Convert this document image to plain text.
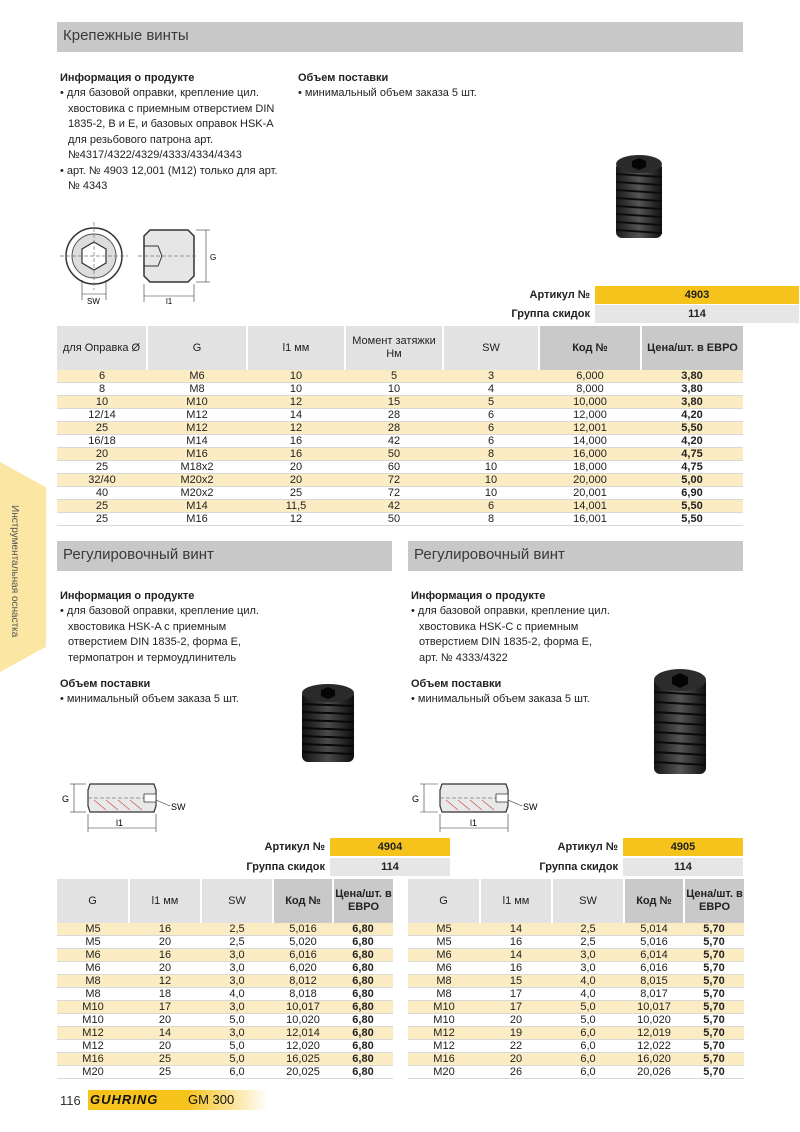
Крепежные винты
Информация о продукте
• для базовой оправки, крепление цил. хвостовика с приемным отверстием DIN 1835-2, B и E, и базовых оправок HSK-A для резьбового патрона арт. №4317/4322/4329/4333/4334/4343
• арт. № 4903 12,001 (M12) только для арт. № 4343
Объем поставки
• минимальный объем заказа 5 шт.
SW	l1
G
Артикул №	4903
Группа скидок	114
для Оправка Ø	G	l1 мм	Момент затяжки Нм	SW	Код №	Цена/шт. в ЕВРО
6	M6	10	5	3	6,000	3,80
8	M8	10	10	4	8,000	3,80
10	M10	12	15	5	10,000	3,80
12/14	M12	14	28	6	12,000	4,20
25	M12	12	28	6	12,001	5,50
16/18	M14	16	42	6	14,000	4,20
20	M16	16	50	8	16,000	4,75
25	M18x2	20	60	10	18,000	4,75
32/40	M20x2	20	72	10	20,000	5,00
40	M20x2	25	72	10	20,001	6,90
25	M14	11,5	42	6	14,001	5,50
25	M16	12	50	8	16,001	5,50
Инструментальная оснастка	Регулировочный винт
Информация о продукте
• для базовой оправки, крепление цил. хвостовика HSK-A с приемным отверстием DIN 1835-2, форма E, термопатрон и термоудлинитель
Объем поставки
• минимальный объем заказа 5 шт.
SW
G
l1
Артикул №	4904
Группа скидок	114
G	l1 мм	SW	Код №	Цена/шт. в ЕВРО
M5	16	2,5	5,016	6,80
M5	20	2,5	5,020	6,80
M6	16	3,0	6,016	6,80
M6	20	3,0	6,020	6,80
M8	12	3,0	8,012	6,80
M8	18	4,0	8,018	6,80
M10	17	3,0	10,017	6,80
M10	20	5,0	10,020	6,80
M12	14	3,0	12,014	6,80
M12	20	5,0	12,020	6,80
M16	25	5,0	16,025	6,80
M20	25	6,0	20,025	6,80
Регулировочный винт
Информация о продукте
• для базовой оправки, крепление цил. хвостовика HSK-C с приемным отверстием DIN 1835-2, форма E, арт. № 4333/4322
Объем поставки
• минимальный объем заказа 5 шт.
SW
G
l1
Артикул №	4905
Группа скидок	114
G	l1 мм	SW	Код №	Цена/шт. в ЕВРО
M5	14	2,5	5,014	5,70
M5	16	2,5	5,016	5,70
M6	14	3,0	6,014	5,70
M6	16	3,0	6,016	5,70
M8	15	4,0	8,015	5,70
M8	17	4,0	8,017	5,70
M10	17	5,0	10,017	5,70
M10	20	5,0	10,020	5,70
M12	19	6,0	12,019	5,70
M12	22	6,0	12,022	5,70
M16	20	6,0	16,020	5,70
M20	26	6,0	20,026	5,70
116 GUHRING GM 300
